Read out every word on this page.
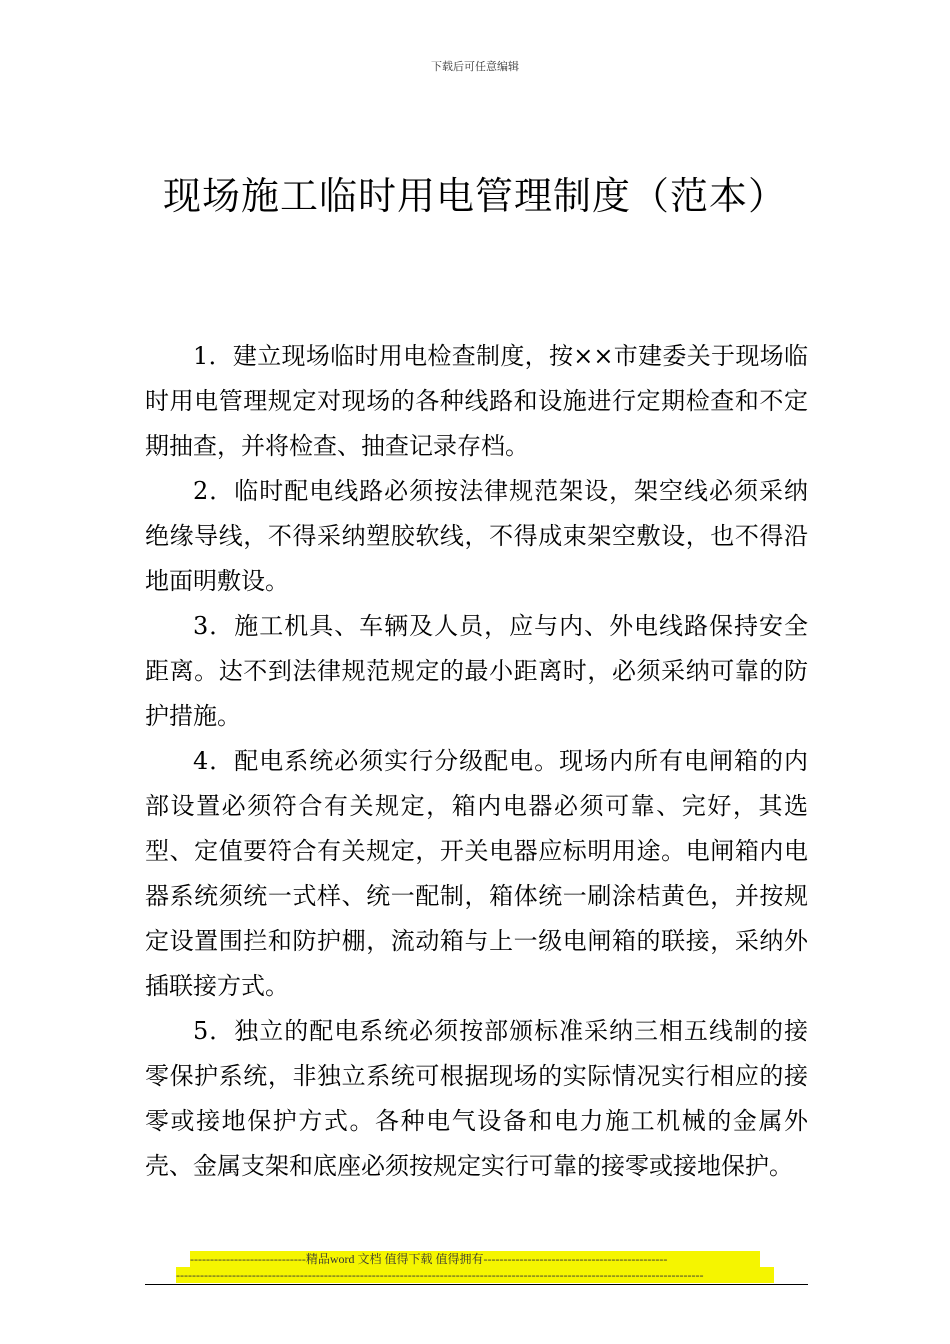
下载后可任意编辑
现场施工临时用电管理制度（范本）

1．建立现场临时用电检查制度，按××市建委关于现场临时用电管理规定对现场的各种线路和设施进行定期检查和不定期抽查，并将检查、抽查记录存档。

2．临时配电线路必须按法律规范架设，架空线必须采纳绝缘导线，不得采纳塑胶软线，不得成束架空敷设，也不得沿地面明敷设。

3．施工机具、车辆及人员，应与内、外电线路保持安全距离。达不到法律规范规定的最小距离时，必须采纳可靠的防护措施。

4．配电系统必须实行分级配电。现场内所有电闸箱的内部设置必须符合有关规定，箱内电器必须可靠、完好，其选型、定值要符合有关规定，开关电器应标明用途。电闸箱内电器系统须统一式样、统一配制，箱体统一刷涂桔黄色，并按规定设置围拦和防护棚，流动箱与上一级电闸箱的联接，采纳外插联接方式。

5．独立的配电系统必须按部颁标准采纳三相五线制的接零保护系统，非独立系统可根据现场的实际情况实行相应的接零或接地保护方式。各种电气设备和电力施工机械的金属外壳、金属支架和底座必须按规定实行可靠的接零或接地保护。

-----------------------------精品word 文档 值得下载 值得拥有----------------------------------------------
------------------------------------------------------------------------------------------------------------------------------------
